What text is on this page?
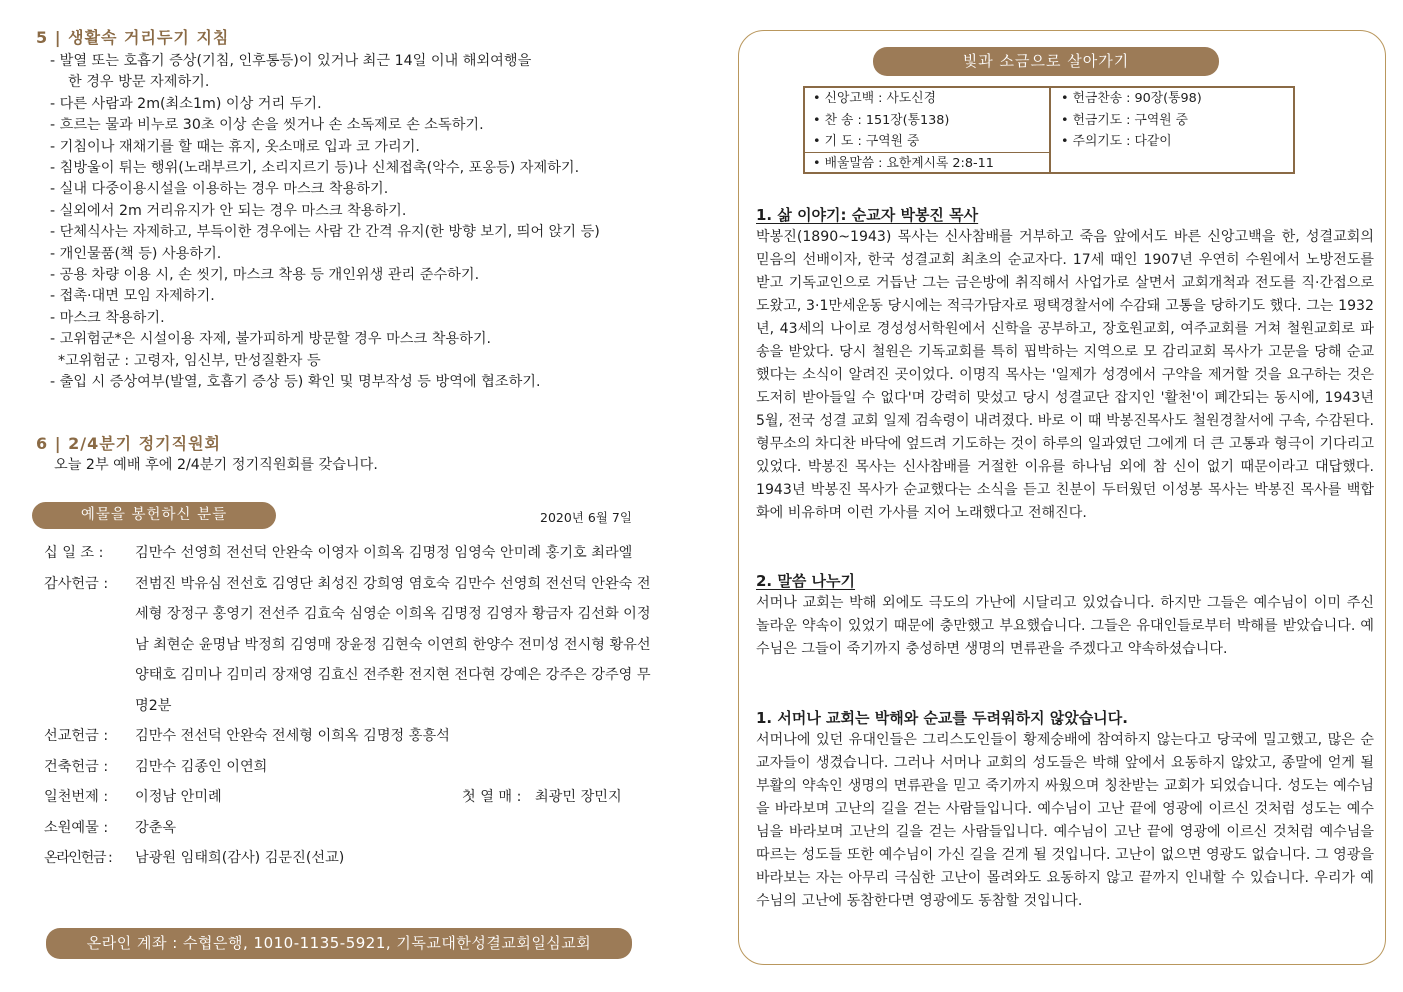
5 | 생활속 거리두기 지침
- 발열 또는 호흡기 증상(기침, 인후통등)이 있거나 최근 14일 이내 해외여행을
한 경우 방문 자제하기.
- 다른 사람과 2m(최소1m) 이상 거리 두기.
- 흐르는 물과 비누로 30초 이상 손을 씻거나 손 소독제로 손 소독하기.
- 기침이나 재채기를 할 때는 휴지, 옷소매로 입과 코 가리기.
- 침방울이 튀는 행위(노래부르기, 소리지르기 등)나 신체접촉(악수, 포옹등) 자제하기.
- 실내 다중이용시설을 이용하는 경우 마스크 착용하기.
- 실외에서 2m 거리유지가 안 되는 경우 마스크 착용하기.
- 단체식사는 자제하고, 부득이한 경우에는 사람 간 간격 유지(한 방향 보기, 띄어 앉기 등)
- 개인물품(책 등) 사용하기.
- 공용 차량 이용 시, 손 씻기, 마스크 착용 등 개인위생 관리 준수하기.
- 접촉·대면 모임 자제하기.
- 마스크 착용하기.
- 고위험군*은 시설이용 자제, 불가피하게 방문할 경우 마스크 착용하기.
*고위험군 : 고령자, 임신부, 만성질환자 등
- 출입 시 증상여부(발열, 호흡기 증상 등) 확인 및 명부작성 등 방역에 협조하기.
6 | 2/4분기 정기직원회
오늘 2부 예배 후에 2/4분기 정기직원회를 갖습니다.
예물을 봉헌하신 분들	2020년 6월 7일
십 일 조 :	김만수 선영희 전선덕 안완숙 이영자 이희옥 김명정 임영숙 안미례 홍기호 최라엘
감사헌금 :	전범진 박유심 전선호 김영단 최성진 강희영 염호숙 김만수 선영희 전선덕 안완숙 전세형 장정구 홍영기 전선주 김효숙 심영순 이희옥 김명정 김영자 황금자 김선화 이정남 최현순 윤명남 박정희 김영매 장윤정 김현숙 이연희 한양수 전미성 전시형 황유선 양태호 김미나 김미리 장재영 김효신 전주환 전지현 전다현 강예은 강주은 강주영 무명2분
선교헌금 :	김만수 전선덕 안완숙 전세형 이희옥 김명정 홍흥석
건축헌금 :	김만수 김종인 이연희
일천번제 :	이정남 안미례	첫 열 매 : 최광민 장민지
소원예물 :	강춘옥
온라인헌금 :	남광원 임태희(감사) 김문진(선교)
온라인 계좌 : 수협은행, 1010-1135-5921, 기독교대한성결교회일심교회
빛과 소금으로 살아가기
• 신앙고백 : 사도신경
• 찬 송 : 151장(통138)
• 기 도 : 구역원 중
• 배울말씀 : 요한계시록 2:8-11
• 헌금찬송 : 90장(통98)
• 헌금기도 : 구역원 중
• 주의기도 : 다같이
1. 삶 이야기: 순교자 박봉진 목사
박봉진(1890~1943) 목사는 신사참배를 거부하고 죽음 앞에서도 바른 신앙고백을 한, 성결교회의 믿음의 선배이자, 한국 성결교회 최초의 순교자다. 17세 때인 1907년 우연히 수원에서 노방전도를 받고 기독교인으로 거듭난 그는 금은방에 취직해서 사업가로 살면서 교회개척과 전도를 직·간접으로 도왔고, 3·1만세운동 당시에는 적극가담자로 평택경찰서에 수감돼 고통을 당하기도 했다. 그는 1932년, 43세의 나이로 경성성서학원에서 신학을 공부하고, 장호원교회, 여주교회를 거쳐 철원교회로 파송을 받았다. 당시 철원은 기독교회를 특히 핍박하는 지역으로 모 감리교회 목사가 고문을 당해 순교했다는 소식이 알려진 곳이었다. 이명직 목사는 '일제가 성경에서 구약을 제거할 것을 요구하는 것은 도저히 받아들일 수 없다'며 강력히 맞섰고 당시 성결교단 잡지인 '활천'이 폐간되는 동시에, 1943년 5월, 전국 성결 교회 일제 검속령이 내려졌다. 바로 이 때 박봉진목사도 철원경찰서에 구속, 수감된다. 형무소의 차디찬 바닥에 엎드려 기도하는 것이 하루의 일과였던 그에게 더 큰 고통과 형극이 기다리고 있었다. 박봉진 목사는 신사참배를 거절한 이유를 하나님 외에 참 신이 없기 때문이라고 대답했다. 1943년 박봉진 목사가 순교했다는 소식을 듣고 친분이 두터웠던 이성봉 목사는 박봉진 목사를 백합화에 비유하며 이런 가사를 지어 노래했다고 전해진다.
2. 말씀 나누기
서머나 교회는 박해 외에도 극도의 가난에 시달리고 있었습니다. 하지만 그들은 예수님이 이미 주신 놀라운 약속이 있었기 때문에 충만했고 부요했습니다. 그들은 유대인들로부터 박해를 받았습니다. 예수님은 그들이 죽기까지 충성하면 생명의 면류관을 주겠다고 약속하셨습니다.
1. 서머나 교회는 박해와 순교를 두려워하지 않았습니다.
서머나에 있던 유대인들은 그리스도인들이 황제숭배에 참여하지 않는다고 당국에 밀고했고, 많은 순교자들이 생겼습니다. 그러나 서머나 교회의 성도들은 박해 앞에서 요동하지 않았고, 종말에 얻게 될 부활의 약속인 생명의 면류관을 믿고 죽기까지 싸웠으며 칭찬받는 교회가 되었습니다. 성도는 예수님을 바라보며 고난의 길을 걷는 사람들입니다. 예수님이 고난 끝에 영광에 이르신 것처럼 성도는 예수님을 바라보며 고난의 길을 걷는 사람들입니다. 예수님이 고난 끝에 영광에 이르신 것처럼 예수님을 따르는 성도들 또한 예수님이 가신 길을 걷게 될 것입니다. 고난이 없으면 영광도 없습니다. 그 영광을 바라보는 자는 아무리 극심한 고난이 몰려와도 요동하지 않고 끝까지 인내할 수 있습니다. 우리가 예수님의 고난에 동참한다면 영광에도 동참할 것입니다.
